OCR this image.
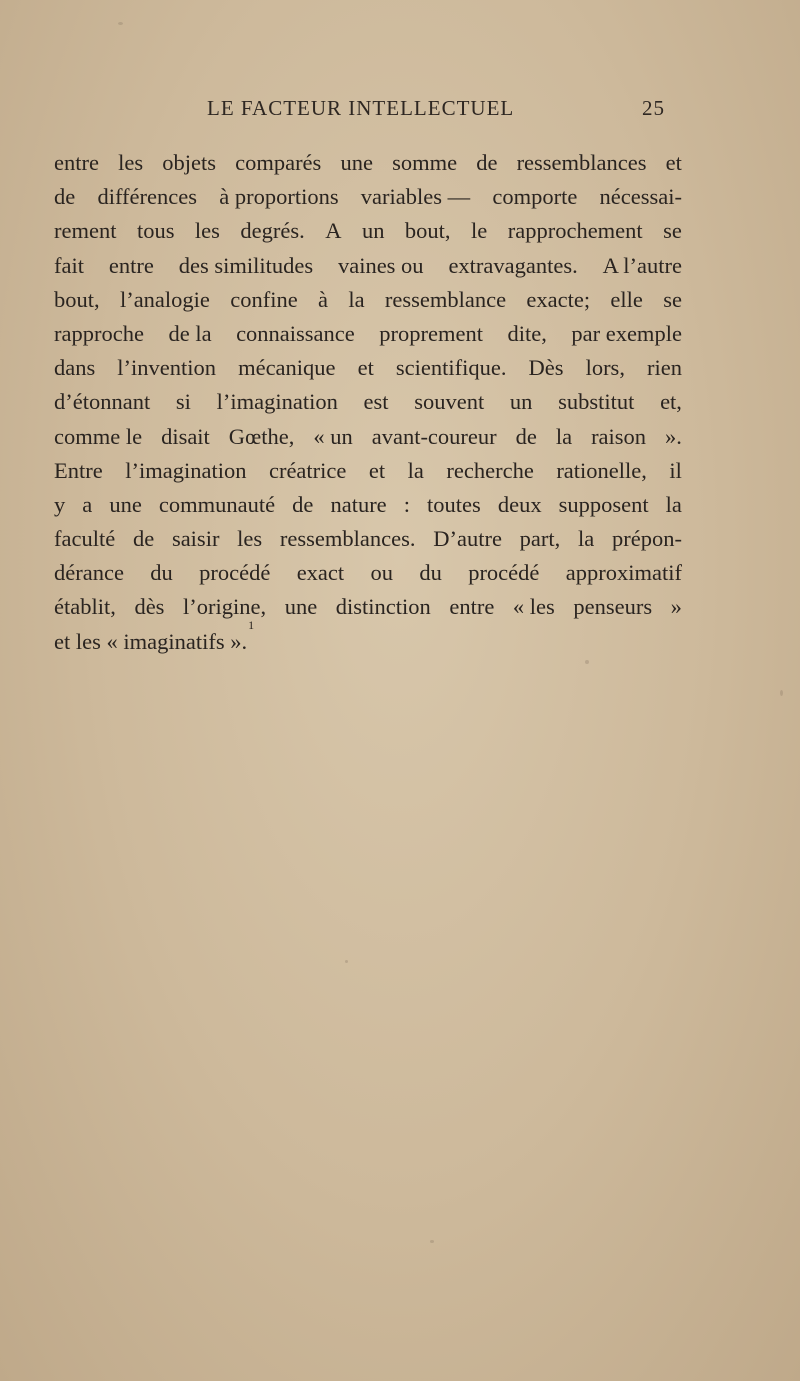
LE FACTEUR INTELLECTUEL	25
entre les objets comparés une somme de ressemblances et
de différences à proportions variables — comporte nécessai-
rement tous les degrés. A un bout, le rapprochement se
fait entre des similitudes vaines ou extravagantes. A l’autre
bout, l’analogie confine à la ressemblance exacte; elle se
rapproche de la connaissance proprement dite, par exemple
dans l’invention mécanique et scientifique. Dès lors, rien
d’étonnant si l’imagination est souvent un substitut et,
comme le disait Gœthe, « un avant-coureur de la raison ».
Entre l’imagination créatrice et la recherche rationelle, il
y a une communauté de nature : toutes deux supposent la
faculté de saisir les ressemblances. D’autre part, la prépon-
dérance du procédé exact ou du procédé approximatif
établit, dès l’origine, une distinction entre « les penseurs »
et les « imaginatifs ».
1
